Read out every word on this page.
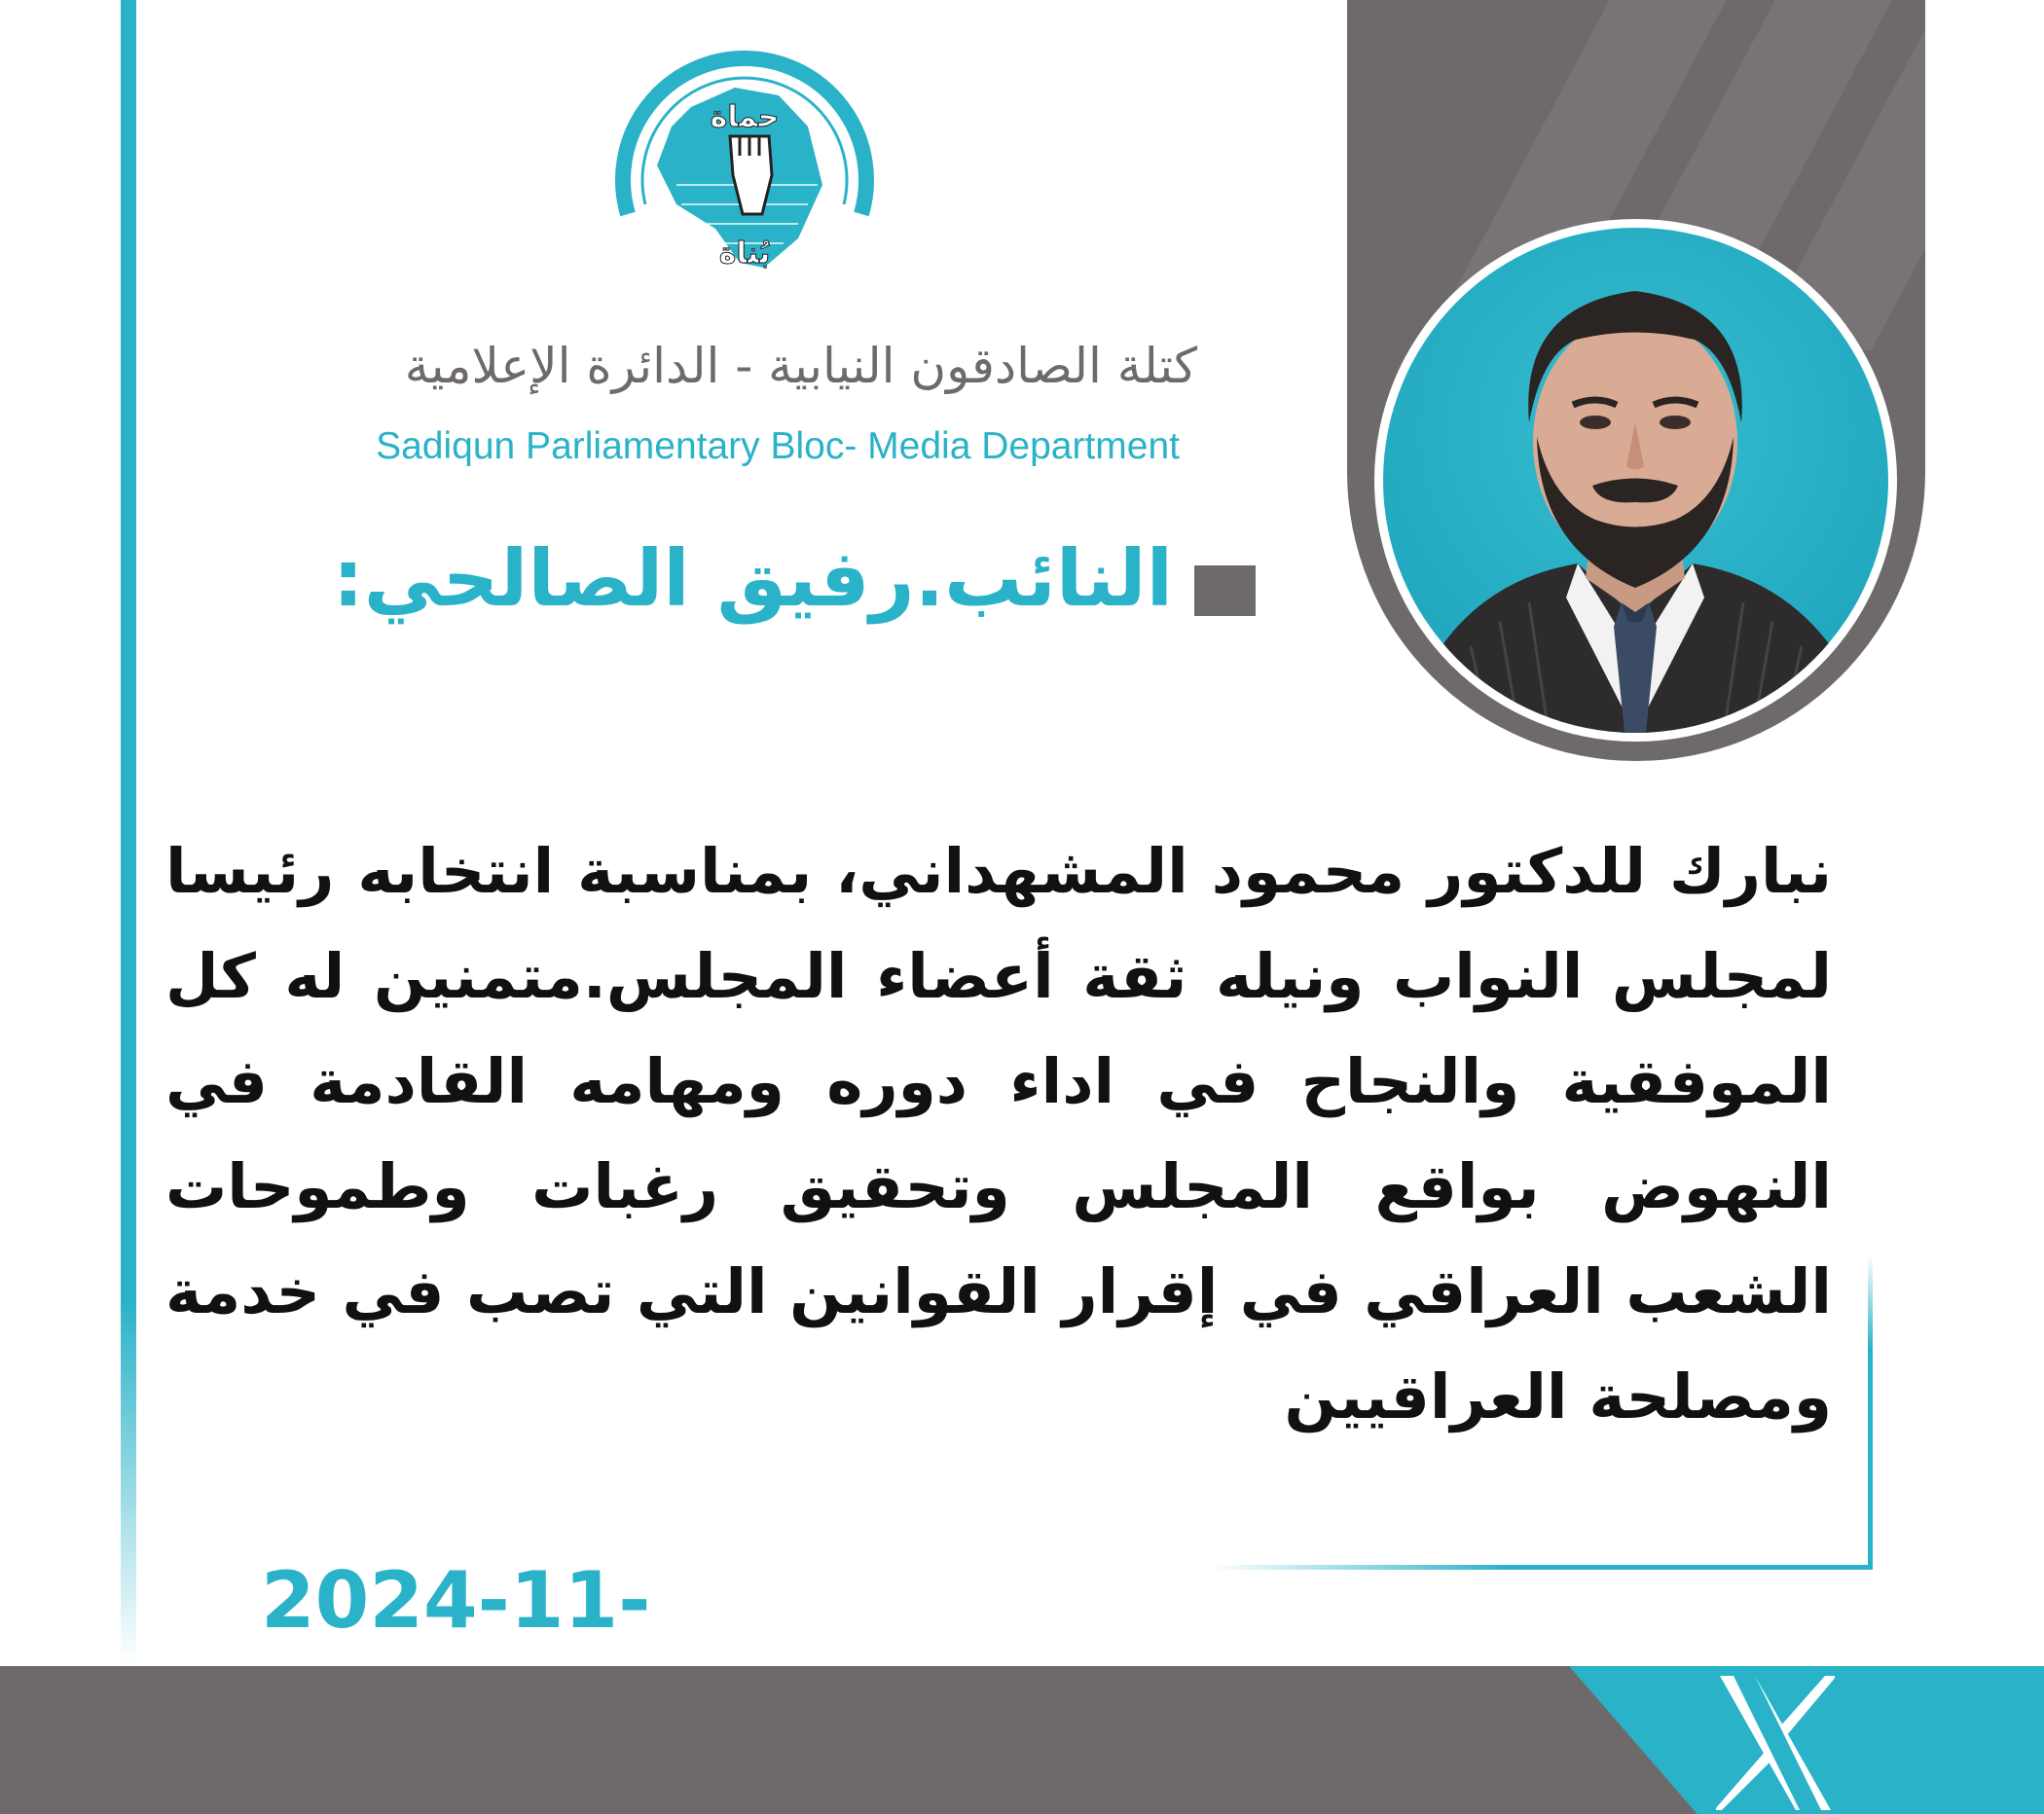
حماة
بُناة
كتلة الصادقون النيابية - الدائرة الإعلامية
Sadiqun Parliamentary Bloc- Media Department
النائب.رفيق الصالحي:
نبارك للدكتور محمود المشهداني، بمناسبة انتخابه رئيسا لمجلس النواب ونيله ثقة أعضاء المجلس.متمنين له كل الموفقية والنجاح في اداء دوره ومهامه القادمة في النهوض بواقع المجلس وتحقيق رغبات وطموحات الشعب العراقي في إقرار القوانين التي تصب في خدمة ومصلحة العراقيين
2024-11-
